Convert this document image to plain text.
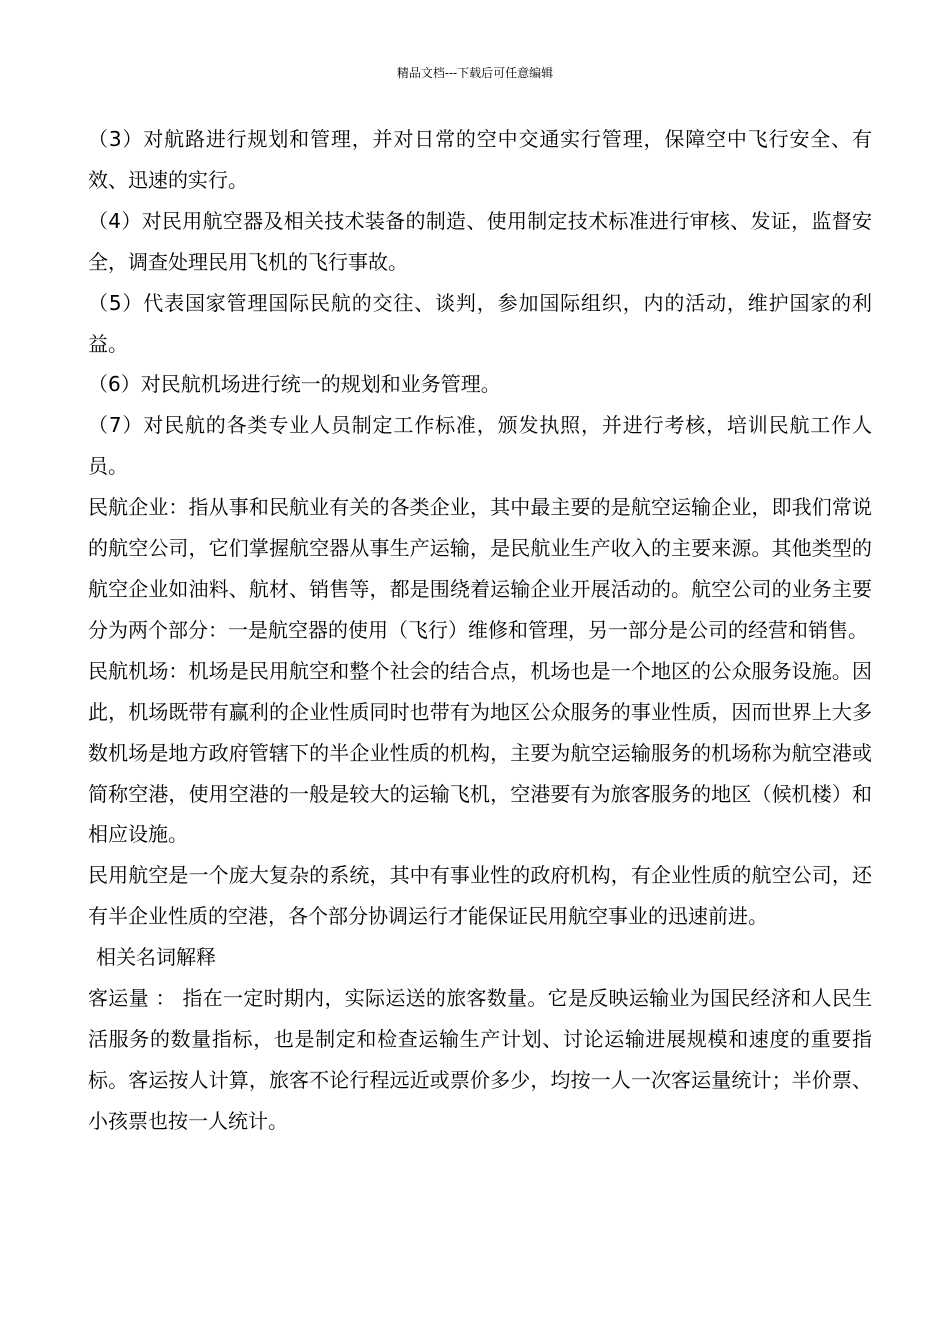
精品文档---下载后可任意编辑

（3）对航路进行规划和管理，并对日常的空中交通实行管理，保障空中飞行安全、有效、迅速的实行。

（4）对民用航空器及相关技术装备的制造、使用制定技术标准进行审核、发证，监督安全，调查处理民用飞机的飞行事故。

（5）代表国家管理国际民航的交往、谈判，参加国际组织，内的活动，维护国家的利益。

（6）对民航机场进行统一的规划和业务管理。

（7）对民航的各类专业人员制定工作标准，颁发执照，并进行考核，培训民航工作人员。

民航企业：指从事和民航业有关的各类企业，其中最主要的是航空运输企业，即我们常说的航空公司，它们掌握航空器从事生产运输，是民航业生产收入的主要来源。其他类型的航空企业如油料、航材、销售等，都是围绕着运输企业开展活动的。航空公司的业务主要分为两个部分：一是航空器的使用（飞行）维修和管理，另一部分是公司的经营和销售。

民航机场：机场是民用航空和整个社会的结合点，机场也是一个地区的公众服务设施。因此，机场既带有赢利的企业性质同时也带有为地区公众服务的事业性质，因而世界上大多数机场是地方政府管辖下的半企业性质的机构，主要为航空运输服务的机场称为航空港或简称空港，使用空港的一般是较大的运输飞机，空港要有为旅客服务的地区（候机楼）和相应设施。

民用航空是一个庞大复杂的系统，其中有事业性的政府机构，有企业性质的航空公司，还有半企业性质的空港，各个部分协调运行才能保证民用航空事业的迅速前进。

相关名词解释

客运量 ： 指在一定时期内，实际运送的旅客数量。它是反映运输业为国民经济和人民生活服务的数量指标，也是制定和检查运输生产计划、讨论运输进展规模和速度的重要指标。客运按人计算，旅客不论行程远近或票价多少，均按一人一次客运量统计；半价票、小孩票也按一人统计。
